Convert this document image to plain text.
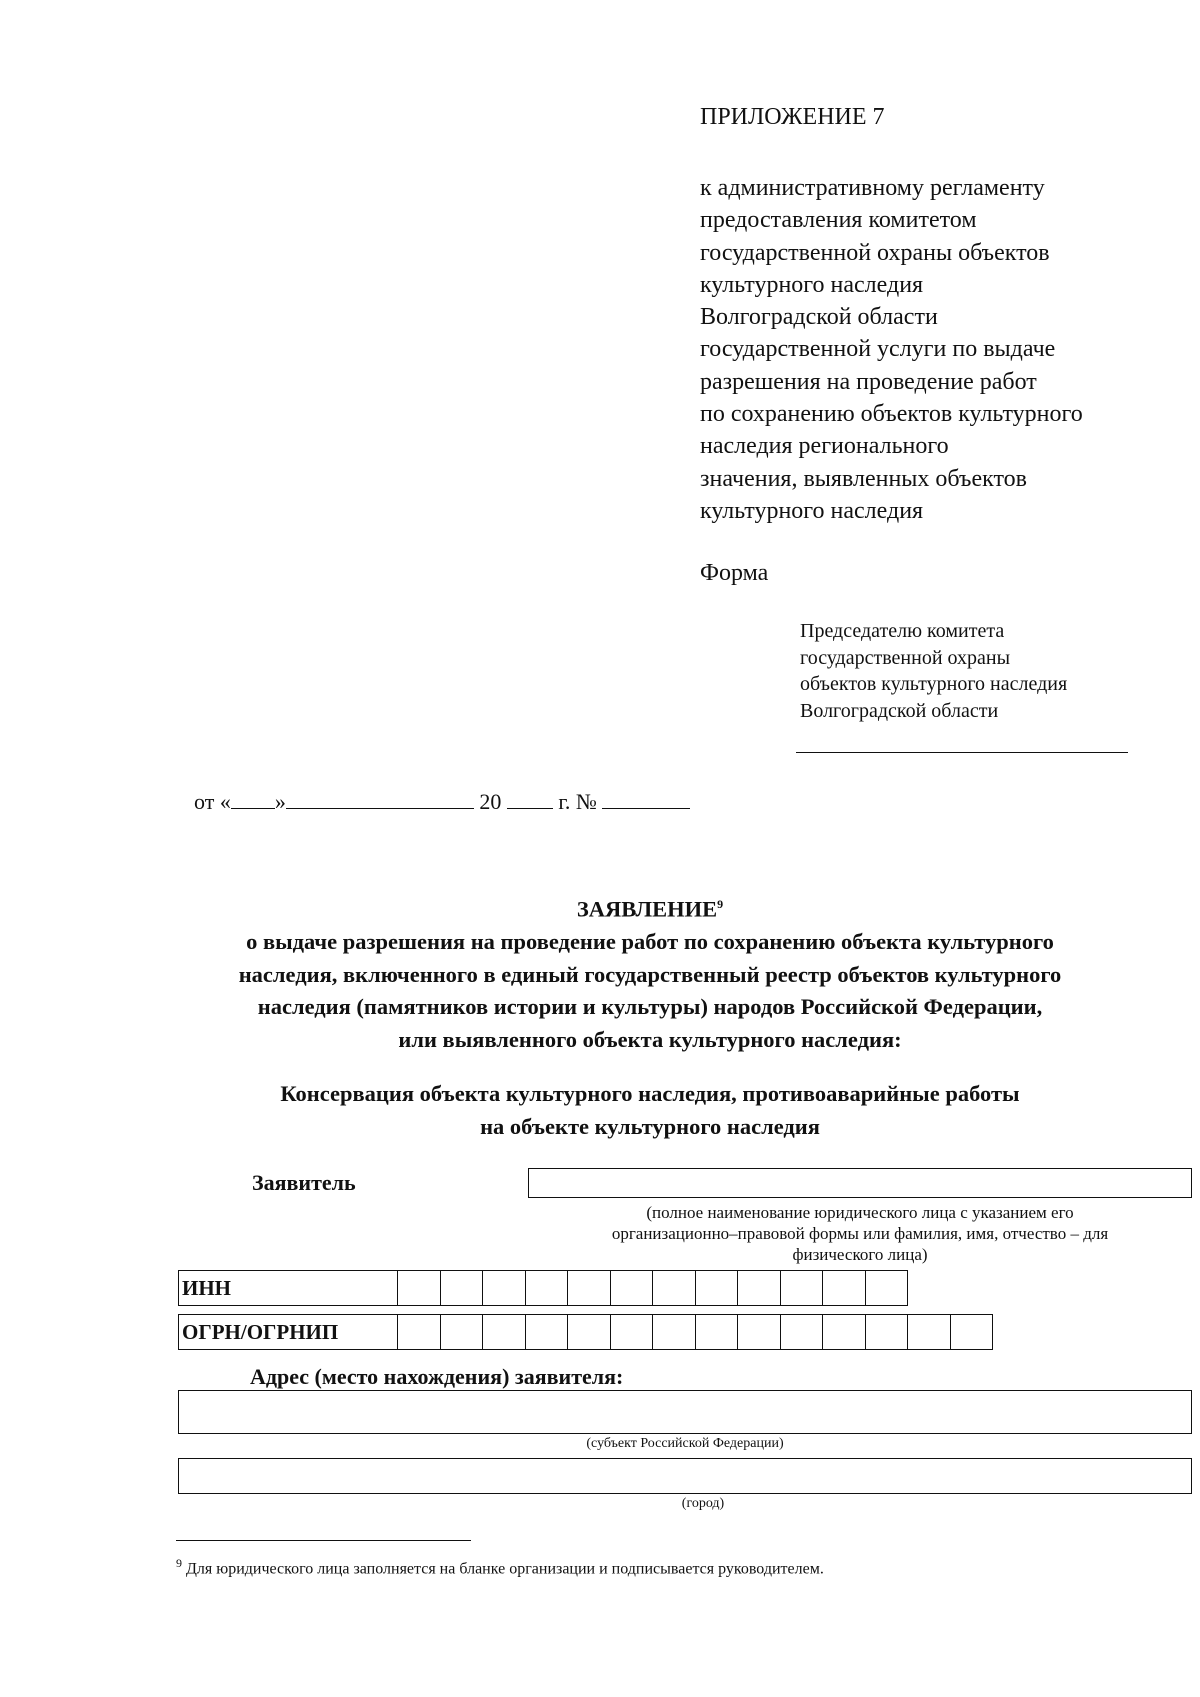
ПРИЛОЖЕНИЕ 7
к административному регламенту
предоставления комитетом
государственной охраны объектов
культурного наследия
Волгоградской области
государственной услуги по выдаче
разрешения на проведение работ
по сохранению объектов культурного
наследия регионального
значения, выявленных объектов
культурного наследия
Форма
Председателю комитета
государственной охраны
объектов культурного наследия
Волгоградской области
от « »	20	г. №
ЗАЯВЛЕНИЕ$^9$
о выдаче разрешения на проведение работ по сохранению объекта культурного
наследия, включенного в единый государственный реестр объектов культурного
наследия (памятников истории и культуры) народов Российской Федерации,
или выявленного объекта культурного наследия:
Консервация объекта культурного наследия, противоаварийные работы
на объекте культурного наследия
Заявитель
(полное наименование юридического лица с указанием его
организационно–правовой формы или фамилия, имя, отчество – для
физического лица)
ИНН
ОГРН/ОГРНИП
Адрес (место нахождения) заявителя:
(субъект Российской Федерации)
(город)
$^9$ Для юридического лица заполняется на бланке организации и подписывается руководителем.
